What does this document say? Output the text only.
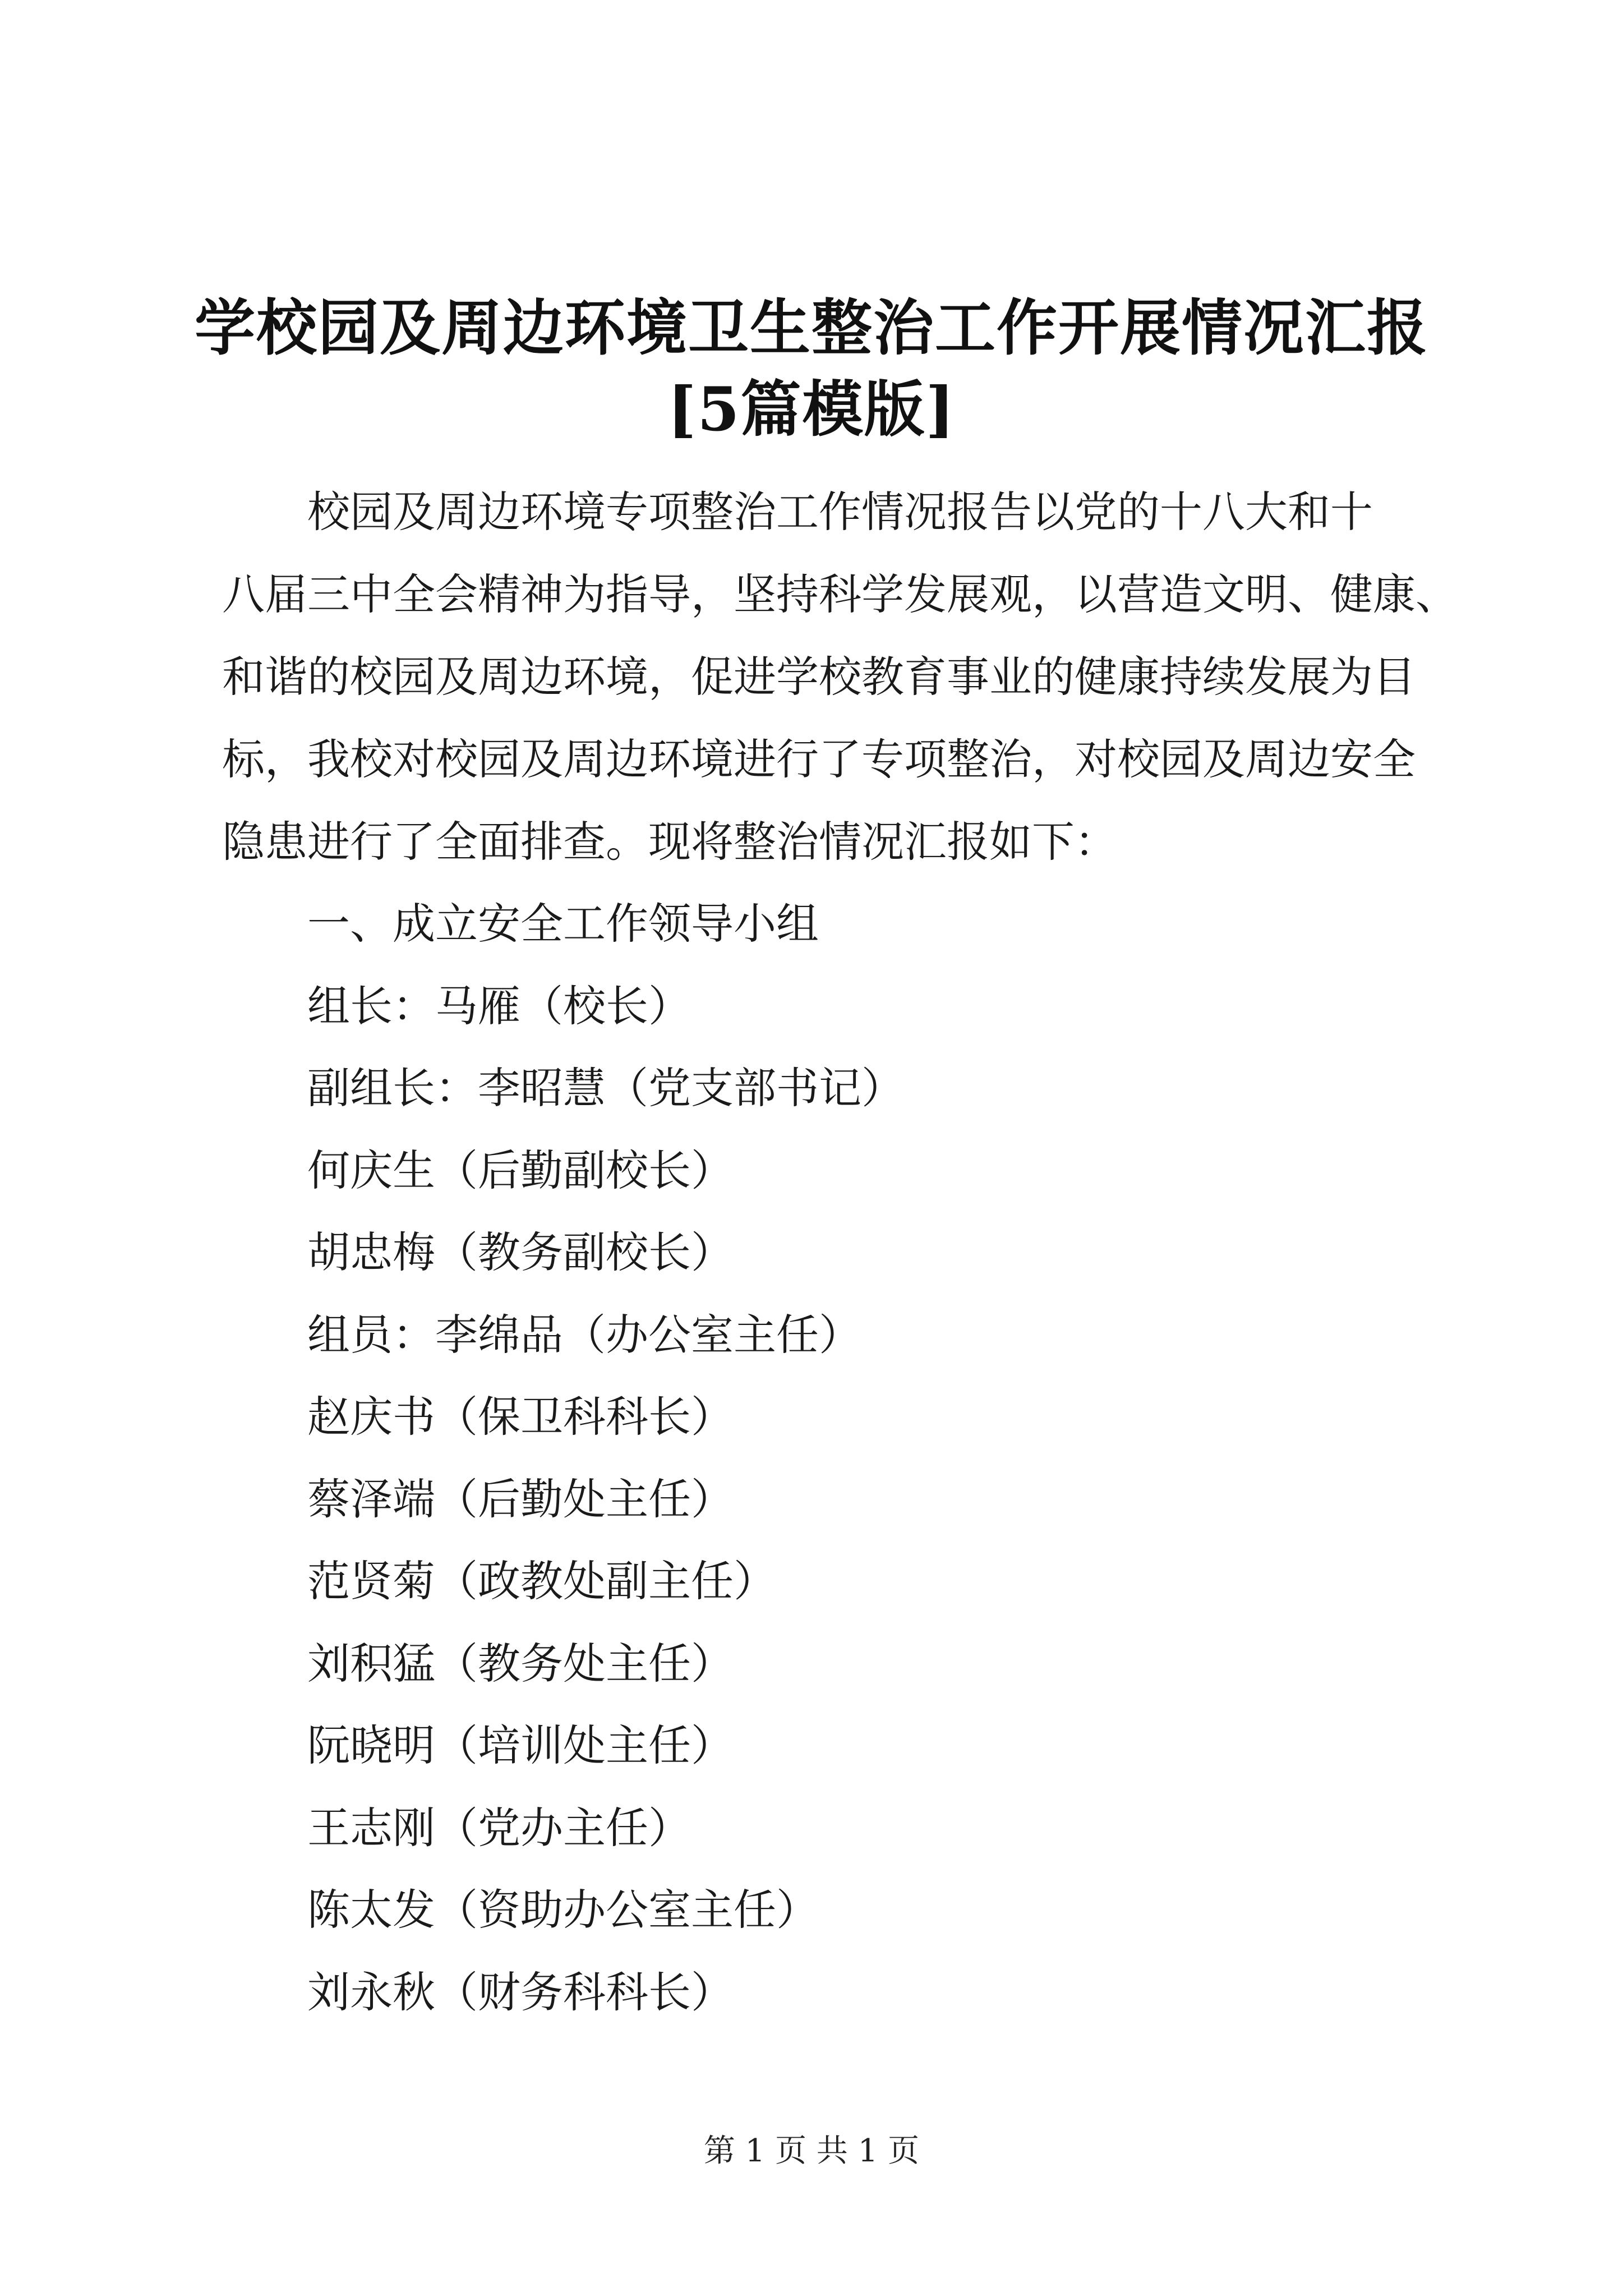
学校园及周边环境卫生整治工作开展情况汇报
[5篇模版]
校园及周边环境专项整治工作情况报告以党的十八大和十
八届三中全会精神为指导，坚持科学发展观，以营造文明、健康、
和谐的校园及周边环境，促进学校教育事业的健康持续发展为目
标，我校对校园及周边环境进行了专项整治，对校园及周边安全
隐患进行了全面排查。现将整治情况汇报如下：
一、成立安全工作领导小组
组长：马雁（校长）
副组长：李昭慧（党支部书记）
何庆生（后勤副校长）
胡忠梅（教务副校长）
组员：李绵品（办公室主任）
赵庆书（保卫科科长）
蔡泽端（后勤处主任）
范贤菊（政教处副主任）
刘积猛（教务处主任）
阮晓明（培训处主任）
王志刚（党办主任）
陈太发（资助办公室主任）
刘永秋（财务科科长）
第 1 页 共 1 页
